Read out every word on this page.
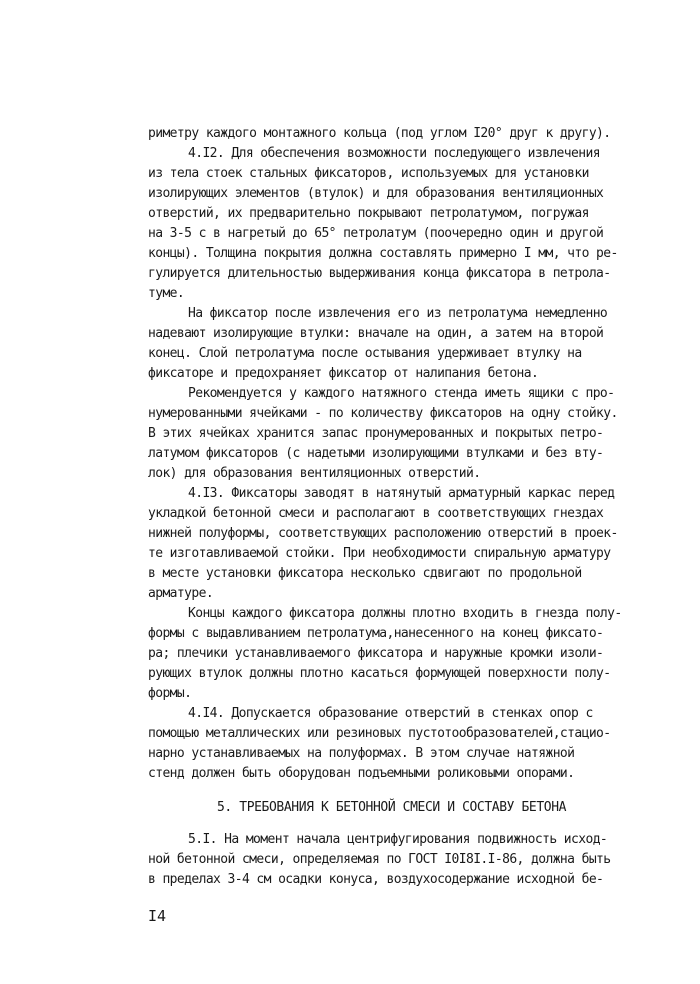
риметру каждого монтажного кольца (под углом I20° друг к другу).
4.I2. Для обеспечения возможности последующего извлечения
из тела стоек стальных фиксаторов, используемых для установки
изолирующих элементов (втулок) и для образования вентиляционных
отверстий, их предварительно покрывают петролатумом, погружая
на 3-5 с в нагретый до 65° петролатум (поочередно один и другой
концы). Толщина покрытия должна составлять примерно I мм, что ре-
гулируется длительностью выдерживания конца фиксатора в петрола-
туме.
На фиксатор после извлечения его из петролатума немедленно
надевают изолирующие втулки: вначале на один, а затем на второй
конец. Слой петролатума после остывания удерживает втулку на
фиксаторе и предохраняет фиксатор от налипания бетона.
Рекомендуется у каждого натяжного стенда иметь ящики с про-
нумерованными ячейками - по количеству фиксаторов на одну стойку.
В этих ячейках хранится запас пронумерованных и покрытых петро-
латумом фиксаторов (с надетыми изолирующими втулками и без вту-
лок) для образования вентиляционных отверстий.
4.I3. Фиксаторы заводят в натянутый арматурный каркас перед
укладкой бетонной смеси и располагают в соответствующих гнездах
нижней полуформы, соответствующих расположению отверстий в проек-
те изготавливаемой стойки. При необходимости спиральную арматуру
в месте установки фиксатора несколько сдвигают по продольной
арматуре.
Концы каждого фиксатора должны плотно входить в гнезда полу-
формы с выдавливанием петролатума,нанесенного на конец фиксато-
ра; плечики устанавливаемого фиксатора и наружные кромки изоли-
рующих втулок должны плотно касаться формующей поверхности полу-
формы.
4.I4. Допускается образование отверстий в стенках опор с
помощью металлических или резиновых пустотообразователей,стацио-
нарно устанавливаемых на полуформах. В этом случае натяжной
стенд должен быть оборудован подъемными роликовыми опорами.
5. ТРЕБОВАНИЯ К БЕТОННОЙ СМЕСИ И СОСТАВУ БЕТОНА
5.I. На момент начала центрифугирования подвижность исход-
ной бетонной смеси, определяемая по ГОСТ I0I8I.I-86, должна быть
в пределах 3-4 см осадки конуса, воздухосодержание исходной бе-
I4
